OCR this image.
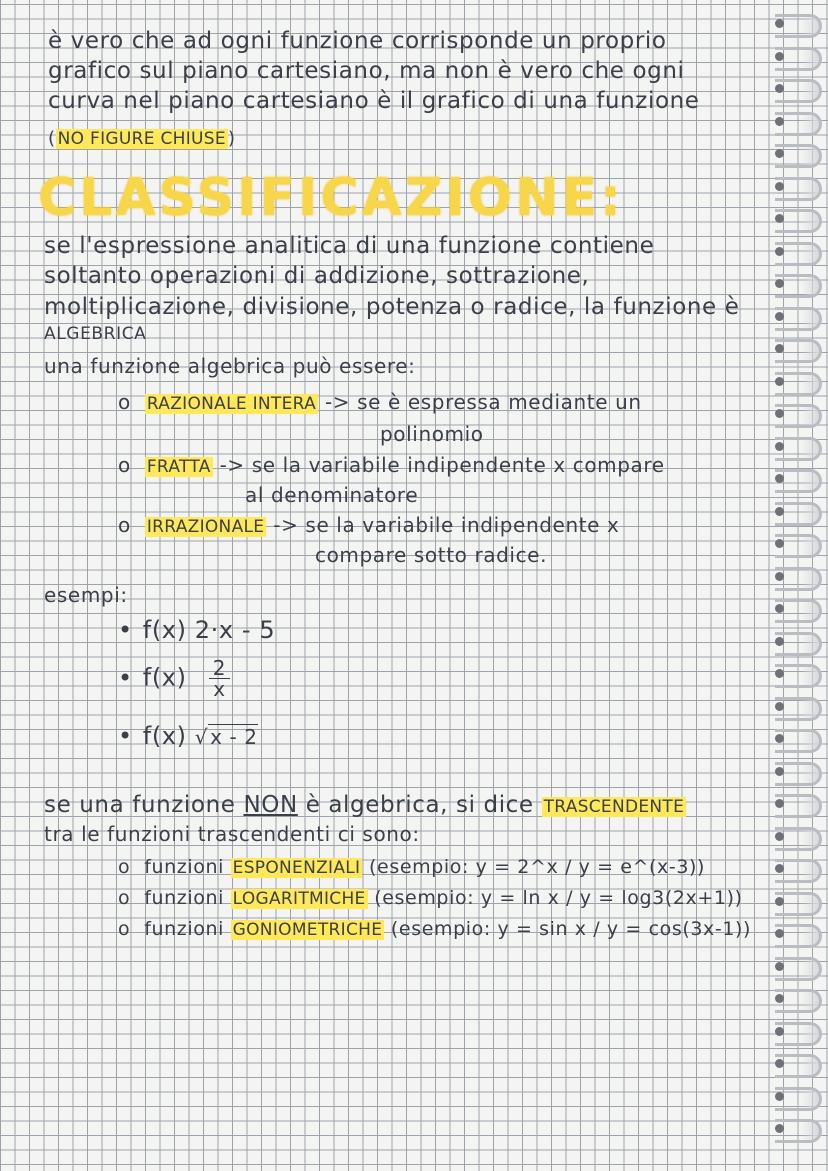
è vero che ad ogni funzione corrisponde un proprio
grafico sul piano cartesiano, ma non è vero che ogni
curva nel piano cartesiano è il grafico di una funzione
( NO FIGURE CHIUSE )
CLASSIFICAZIONE:
se l'espressione analitica di una funzione contiene
soltanto operazioni di addizione, sottrazione,
moltiplicazione, divisione, potenza o radice, la funzione è
ALGEBRICA
una funzione algebrica può essere:
o RAZIONALE INTERA -> se è espressa mediante un
polinomio
o FRATTA -> se la variabile indipendente x compare
al denominatore
o IRRAZIONALE -> se la variabile indipendente x
compare sotto radice.
esempi:
• f(x) 2·x - 5
• $f(x) \frac{2}{x}$
• f(x) √ x - 2
se una funzione NON è algebrica, si dice TRASCENDENTE
tra le funzioni trascendenti ci sono:
o funzioni ESPONENZIALI (esempio: y = 2^x / y = e^(x-3))
o funzioni LOGARITMICHE (esempio: y = ln x / y = log3(2x+1))
o funzioni GONIOMETRICHE (esempio: y = sin x / y = cos(3x-1))
